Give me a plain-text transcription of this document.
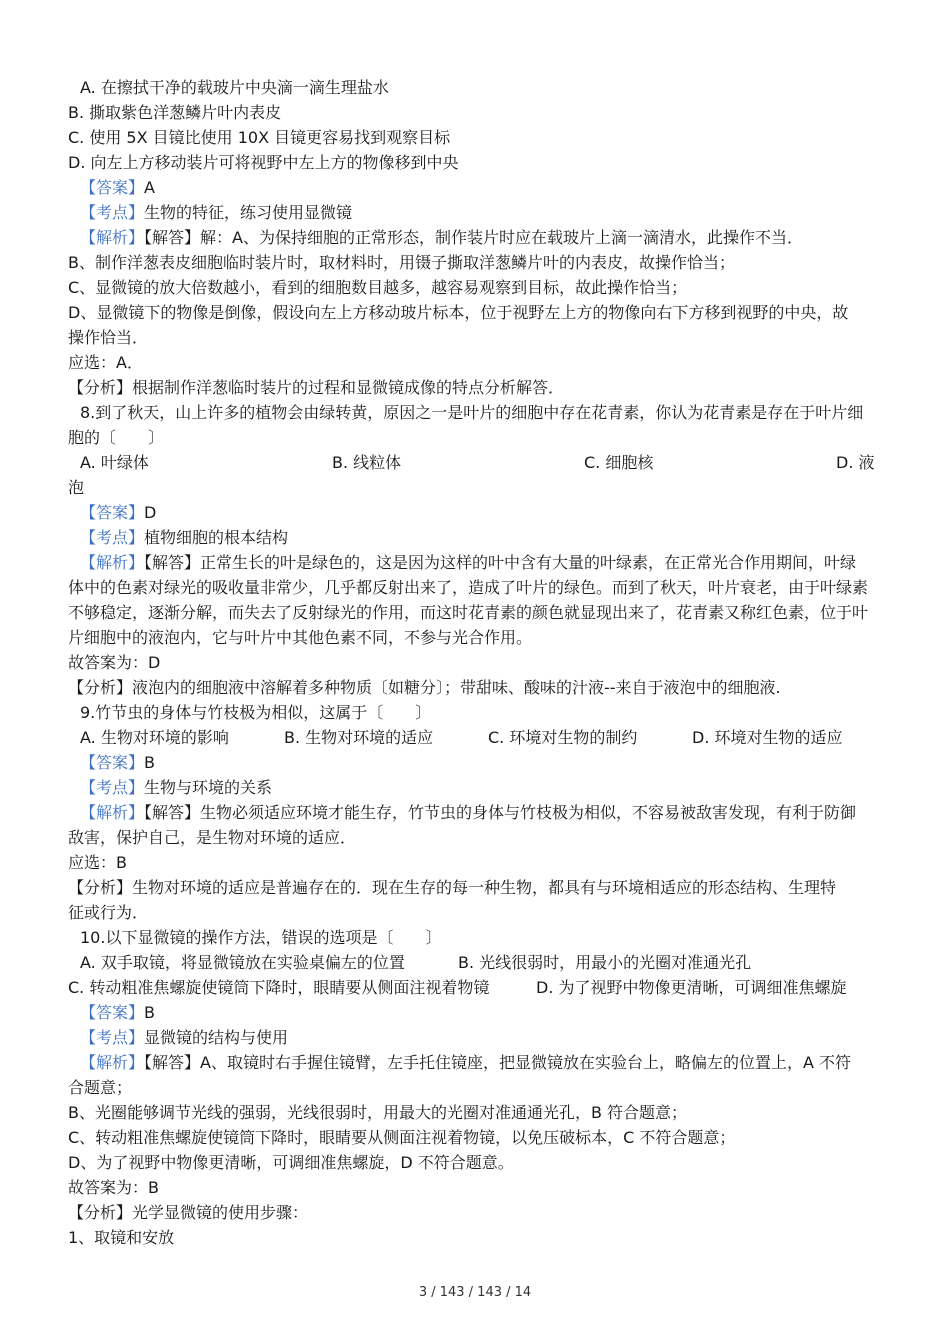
A. 在擦拭干净的载玻片中央滴一滴生理盐水
B. 撕取紫色洋葱鳞片叶内表皮
C. 使用 5X 目镜比使用 10X 目镜更容易找到观察目标
D. 向左上方移动装片可将视野中左上方的物像移到中央
【答案】A
【考点】生物的特征，练习使用显微镜
【解析】【解答】解：A、为保持细胞的正常形态，制作装片时应在载玻片上滴一滴清水，此操作不当．
B、制作洋葱表皮细胞临时装片时，取材料时，用镊子撕取洋葱鳞片叶的内表皮，故操作恰当；
C、显微镜的放大倍数越小，看到的细胞数目越多，越容易观察到目标，故此操作恰当；
D、显微镜下的物像是倒像，假设向左上方移动玻片标本，位于视野左上方的物像向右下方移到视野的中央，故
操作恰当．
应选：A．
【分析】根据制作洋葱临时装片的过程和显微镜成像的特点分析解答．
8.到了秋天，山上许多的植物会由绿转黄，原因之一是叶片的细胞中存在花青素，你认为花青素是存在于叶片细
胞的〔　　〕
A. 叶绿体	B. 线粒体	C. 细胞核	D. 液
泡
【答案】D
【考点】植物细胞的根本结构
【解析】【解答】正常生长的叶是绿色的，这是因为这样的叶中含有大量的叶绿素，在正常光合作用期间，叶绿
体中的色素对绿光的吸收量非常少，几乎都反射出来了，造成了叶片的绿色。而到了秋天，叶片衰老，由于叶绿素
不够稳定，逐渐分解，而失去了反射绿光的作用，而这时花青素的颜色就显现出来了，花青素又称红色素，位于叶
片细胞中的液泡内，它与叶片中其他色素不同，不参与光合作用。
故答案为：D
【分析】液泡内的细胞液中溶解着多种物质〔如糖分〕；带甜味、酸味的汁液--来自于液泡中的细胞液.
9.竹节虫的身体与竹枝极为相似，这属于〔　　〕
A. 生物对环境的影响	B. 生物对环境的适应	C. 环境对生物的制约	D. 环境对生物的适应
【答案】B
【考点】生物与环境的关系
【解析】【解答】生物必须适应环境才能生存，竹节虫的身体与竹枝极为相似，不容易被敌害发现，有利于防御
敌害，保护自己，是生物对环境的适应．
应选：B
【分析】生物对环境的适应是普遍存在的．现在生存的每一种生物，都具有与环境相适应的形态结构、生理特
征或行为．
10.以下显微镜的操作方法，错误的选项是〔　　〕
A. 双手取镜，将显微镜放在实验桌偏左的位置	B. 光线很弱时，用最小的光圈对准通光孔
C. 转动粗准焦螺旋使镜筒下降时，眼睛要从侧面注视着物镜	D. 为了视野中物像更清晰，可调细准焦螺旋
【答案】B
【考点】显微镜的结构与使用
【解析】【解答】A、取镜时右手握住镜臂，左手托住镜座，把显微镜放在实验台上，略偏左的位置上，A 不符
合题意；
B、光圈能够调节光线的强弱，光线很弱时，用最大的光圈对准通通光孔，B 符合题意；
C、转动粗准焦螺旋使镜筒下降时，眼睛要从侧面注视着物镜，以免压破标本，C 不符合题意；
D、为了视野中物像更清晰，可调细准焦螺旋，D 不符合题意。
故答案为：B
【分析】光学显微镜的使用步骤：
1、取镜和安放
3 / 143 / 143 / 14
